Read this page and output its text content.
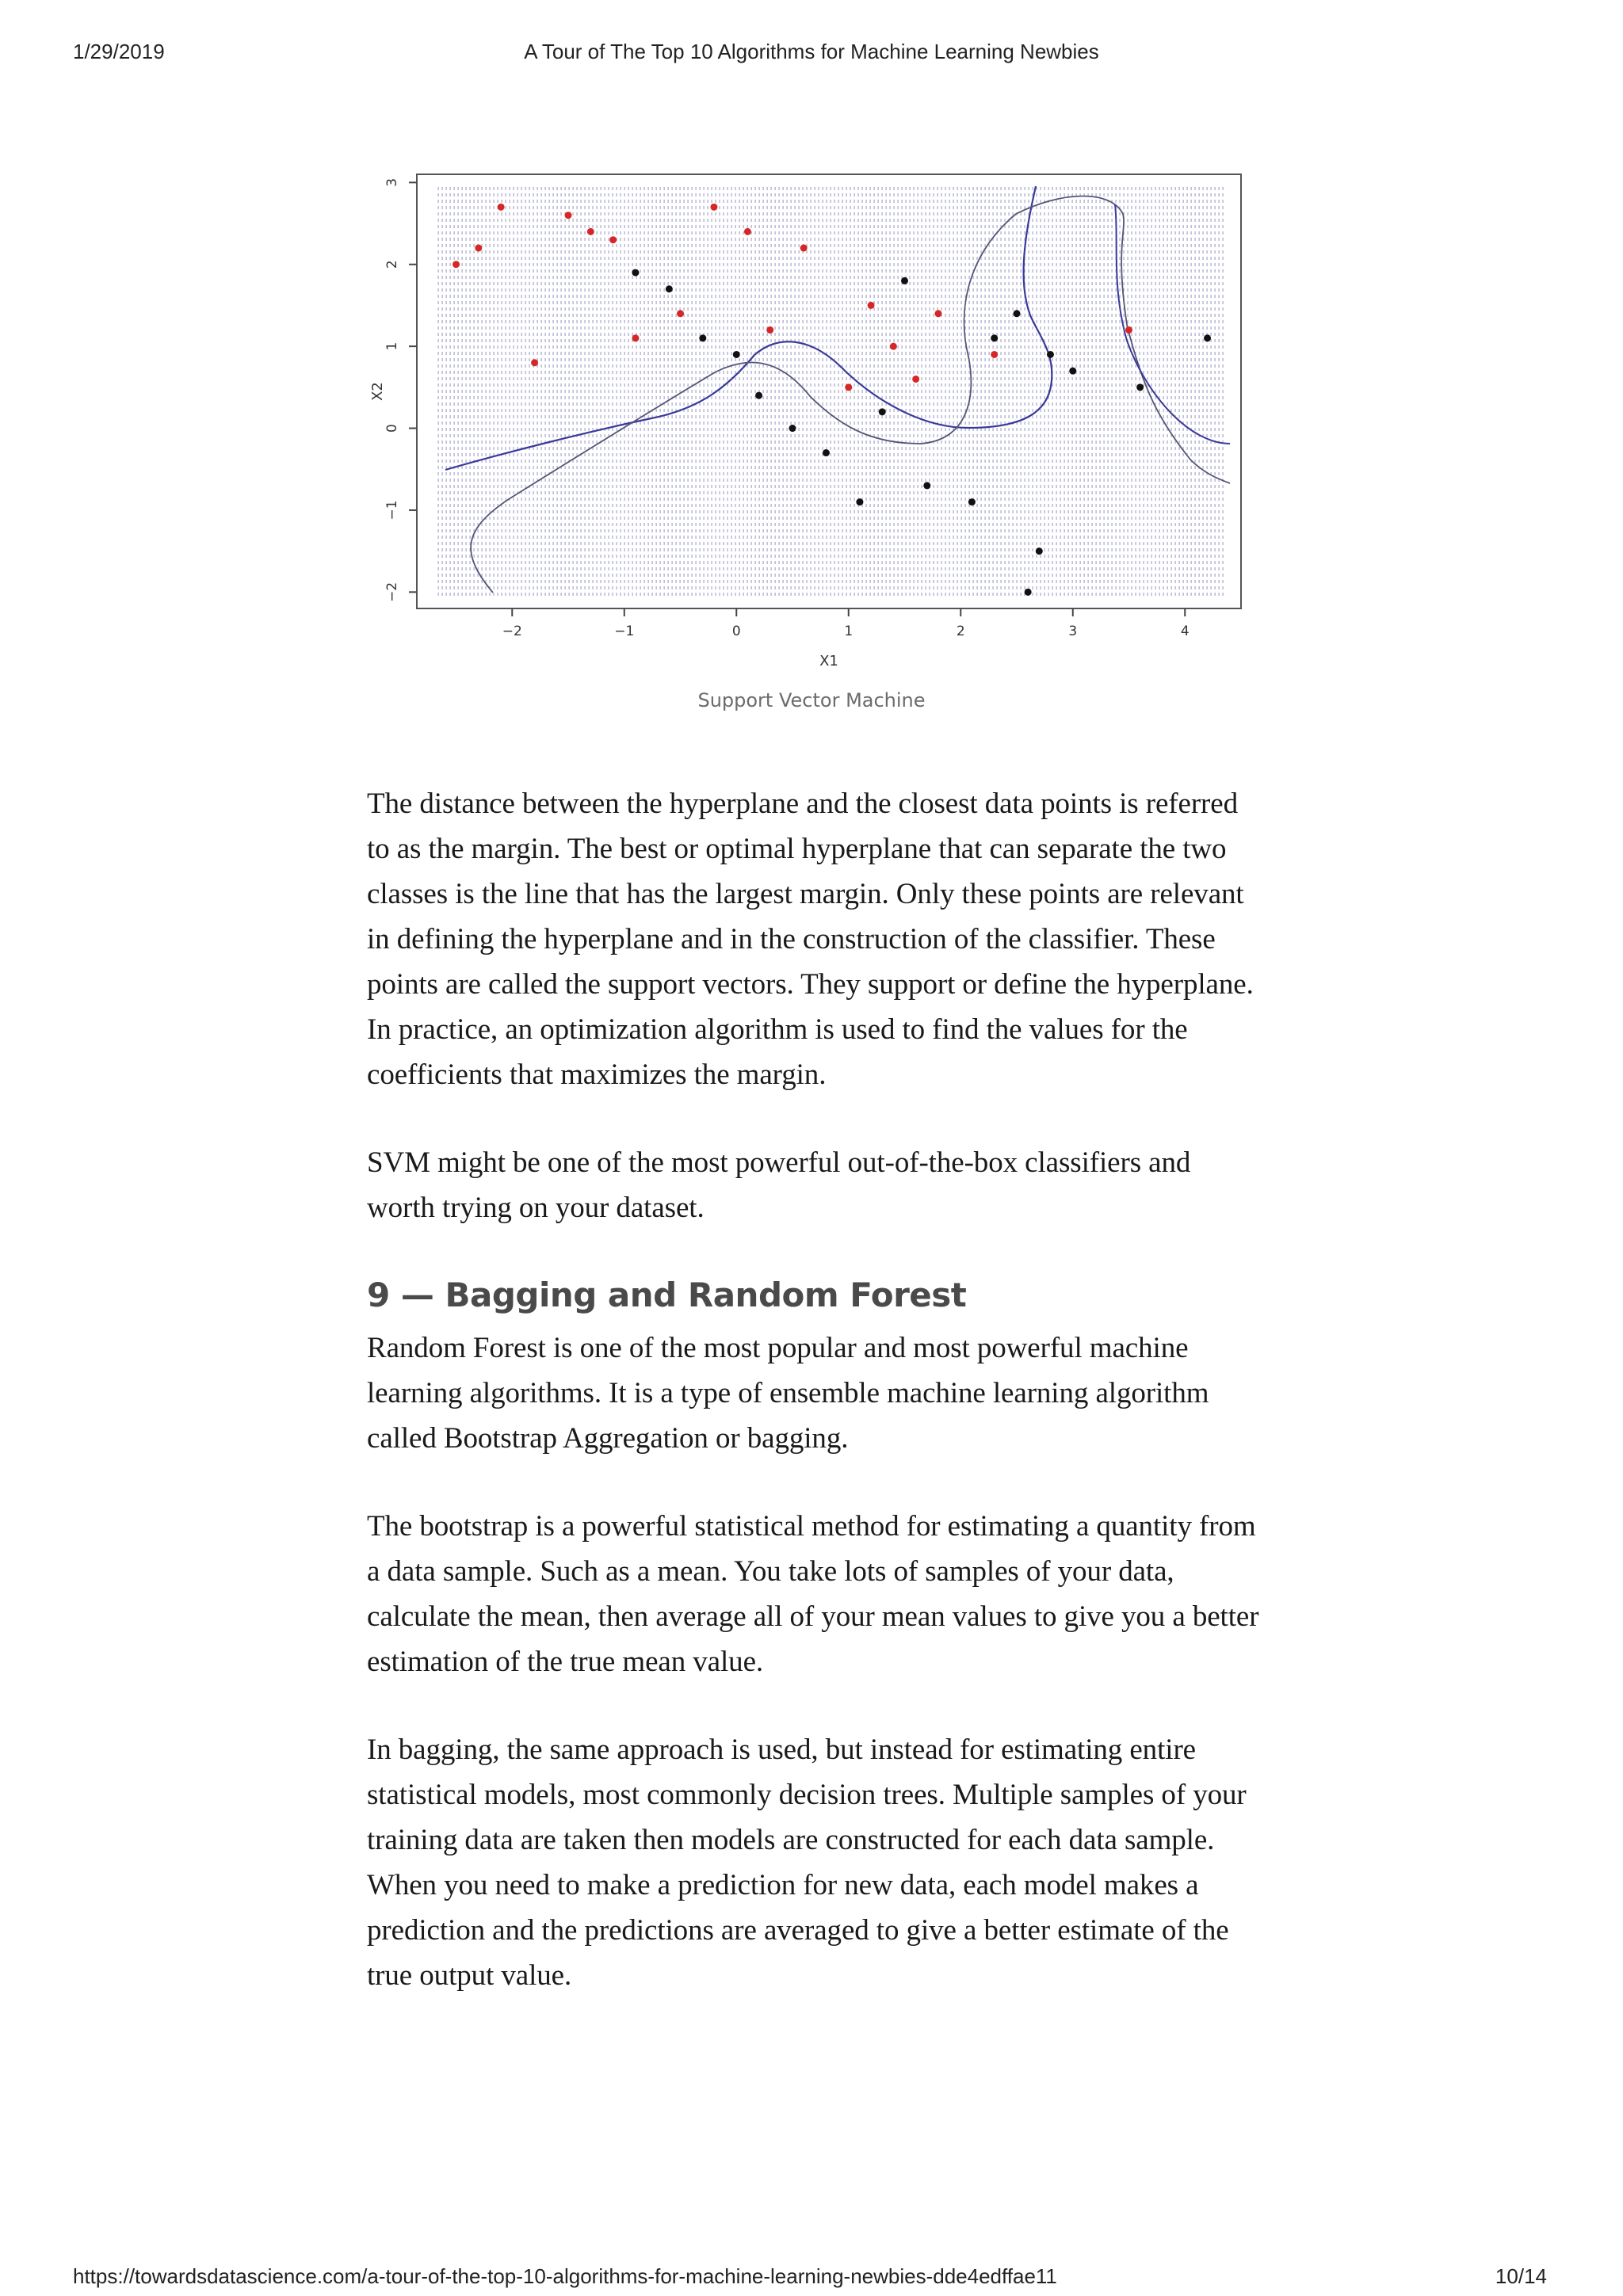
1/29/2019	A Tour of The Top 10 Algorithms for Machine Learning Newbies
−2	−1	0	1	2	3	4
−2
−1
0
1
2
3
X1
X2
Support Vector Machine

The distance between the hyperplane and the closest data points is referred to as the margin. The best or optimal hyperplane that can separate the two classes is the line that has the largest margin. Only these points are relevant in defining the hyperplane and in the construction of the classifier. These points are called the support vectors. They support or define the hyperplane. In practice, an optimization algorithm is used to find the values for the coefficients that maximizes the margin.

SVM might be one of the most powerful out-of-the-box classifiers and worth trying on your dataset.

9 — Bagging and Random Forest

Random Forest is one of the most popular and most powerful machine learning algorithms. It is a type of ensemble machine learning algorithm called Bootstrap Aggregation or bagging.

The bootstrap is a powerful statistical method for estimating a quantity from a data sample. Such as a mean. You take lots of samples of your data, calculate the mean, then average all of your mean values to give you a better estimation of the true mean value.

In bagging, the same approach is used, but instead for estimating entire statistical models, most commonly decision trees. Multiple samples of your training data are taken then models are constructed for each data sample. When you need to make a prediction for new data, each model makes a prediction and the predictions are averaged to give a better estimate of the true output value.

https://towardsdatascience.com/a-tour-of-the-top-10-algorithms-for-machine-learning-newbies-dde4edffae11	10/14
